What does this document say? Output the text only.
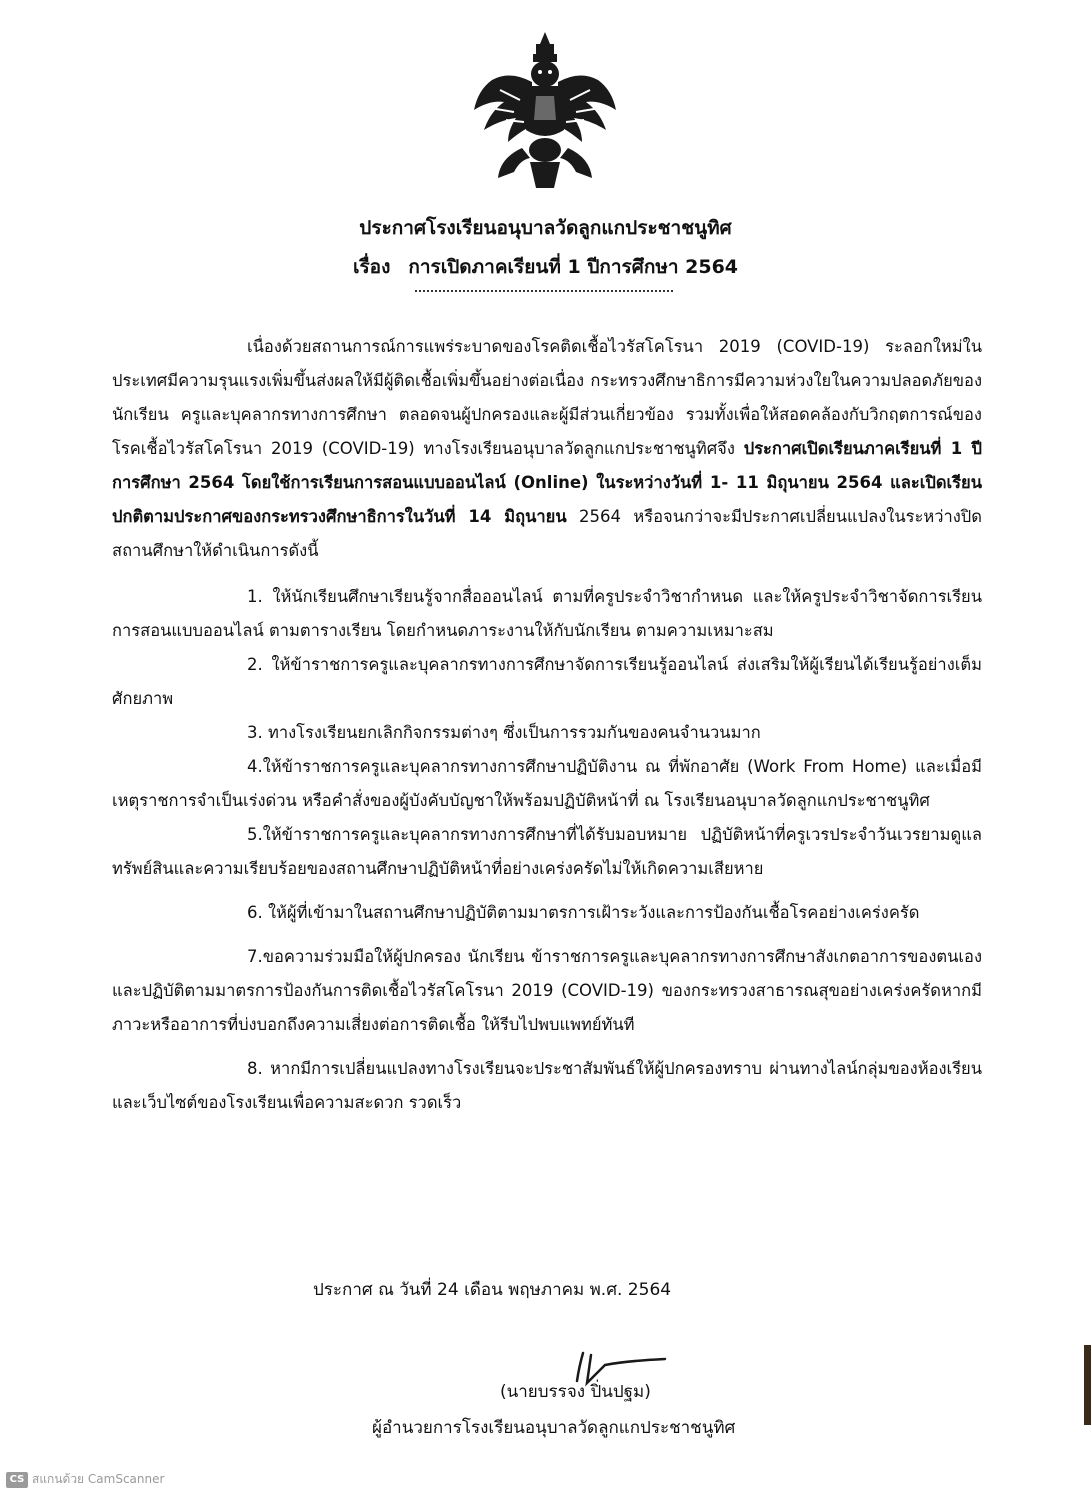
ประกาศโรงเรียนอนุบาลวัดลูกแกประชาชนูทิศ
เรื่อง การเปิดภาคเรียนที่ 1 ปีการศึกษา 2564

เนื่องด้วยสถานการณ์การแพร่ระบาดของโรคติดเชื้อไวรัสโคโรนา 2019 (COVID-19) ระลอกใหม่ในประเทศมีความรุนแรงเพิ่มขึ้นส่งผลให้มีผู้ติดเชื้อเพิ่มขึ้นอย่างต่อเนื่อง กระทรวงศึกษาธิการมีความห่วงใยในความปลอดภัยของนักเรียน ครูและบุคลากรทางการศึกษา ตลอดจนผู้ปกครองและผู้มีส่วนเกี่ยวข้อง รวมทั้งเพื่อให้สอดคล้องกับวิกฤตการณ์ของโรคเชื้อไวรัสโคโรนา 2019 (COVID-19) ทางโรงเรียนอนุบาลวัดลูกแกประชาชนูทิศจึง ประกาศเปิดเรียนภาคเรียนที่ 1 ปีการศึกษา 2564 โดยใช้การเรียนการสอนแบบออนไลน์ (Online) ในระหว่างวันที่ 1- 11 มิถุนายน 2564 และเปิดเรียนปกติตามประกาศของกระทรวงศึกษาธิการในวันที่ 14 มิถุนายน 2564 หรือจนกว่าจะมีประกาศเปลี่ยนแปลงในระหว่างปิดสถานศึกษาให้ดำเนินการดังนี้

1. ให้นักเรียนศึกษาเรียนรู้จากสื่อออนไลน์ ตามที่ครูประจำวิชากำหนด และให้ครูประจำวิชาจัดการเรียนการสอนแบบออนไลน์ ตามตารางเรียน โดยกำหนดภาระงานให้กับนักเรียน ตามความเหมาะสม

2. ให้ข้าราชการครูและบุคลากรทางการศึกษาจัดการเรียนรู้ออนไลน์ ส่งเสริมให้ผู้เรียนได้เรียนรู้อย่างเต็มศักยภาพ

3. ทางโรงเรียนยกเลิกกิจกรรมต่างๆ ซึ่งเป็นการรวมกันของคนจำนวนมาก

4.ให้ข้าราชการครูและบุคลากรทางการศึกษาปฏิบัติงาน ณ ที่พักอาศัย (Work From Home) และเมื่อมีเหตุราชการจำเป็นเร่งด่วน หรือคำสั่งของผู้บังคับบัญชาให้พร้อมปฏิบัติหน้าที่ ณ โรงเรียนอนุบาลวัดลูกแกประชาชนูทิศ

5.ให้ข้าราชการครูและบุคลากรทางการศึกษาที่ได้รับมอบหมาย ปฏิบัติหน้าที่ครูเวรประจำวันเวรยามดูแลทรัพย์สินและความเรียบร้อยของสถานศึกษาปฏิบัติหน้าที่อย่างเคร่งครัดไม่ให้เกิดความเสียหาย

6. ให้ผู้ที่เข้ามาในสถานศึกษาปฏิบัติตามมาตรการเฝ้าระวังและการป้องกันเชื้อโรคอย่างเคร่งครัด

7.ขอความร่วมมือให้ผู้ปกครอง นักเรียน ข้าราชการครูและบุคลากรทางการศึกษาสังเกตอาการของตนเองและปฏิบัติตามมาตรการป้องกันการติดเชื้อไวรัสโคโรนา 2019 (COVID-19) ของกระทรวงสาธารณสุขอย่างเคร่งครัดหากมีภาวะหรืออาการที่บ่งบอกถึงความเสี่ยงต่อการติดเชื้อ ให้รีบไปพบแพทย์ทันที

8. หากมีการเปลี่ยนแปลงทางโรงเรียนจะประชาสัมพันธ์ให้ผู้ปกครองทราบ ผ่านทางไลน์กลุ่มของห้องเรียนและเว็บไซต์ของโรงเรียนเพื่อความสะดวก รวดเร็ว

ประกาศ ณ วันที่ 24 เดือน พฤษภาคม พ.ศ. 2564
(นายบรรจง ปิ่นปฐม)
ผู้อำนวยการโรงเรียนอนุบาลวัดลูกแกประชาชนูทิศ
CS สแกนด้วย CamScanner
